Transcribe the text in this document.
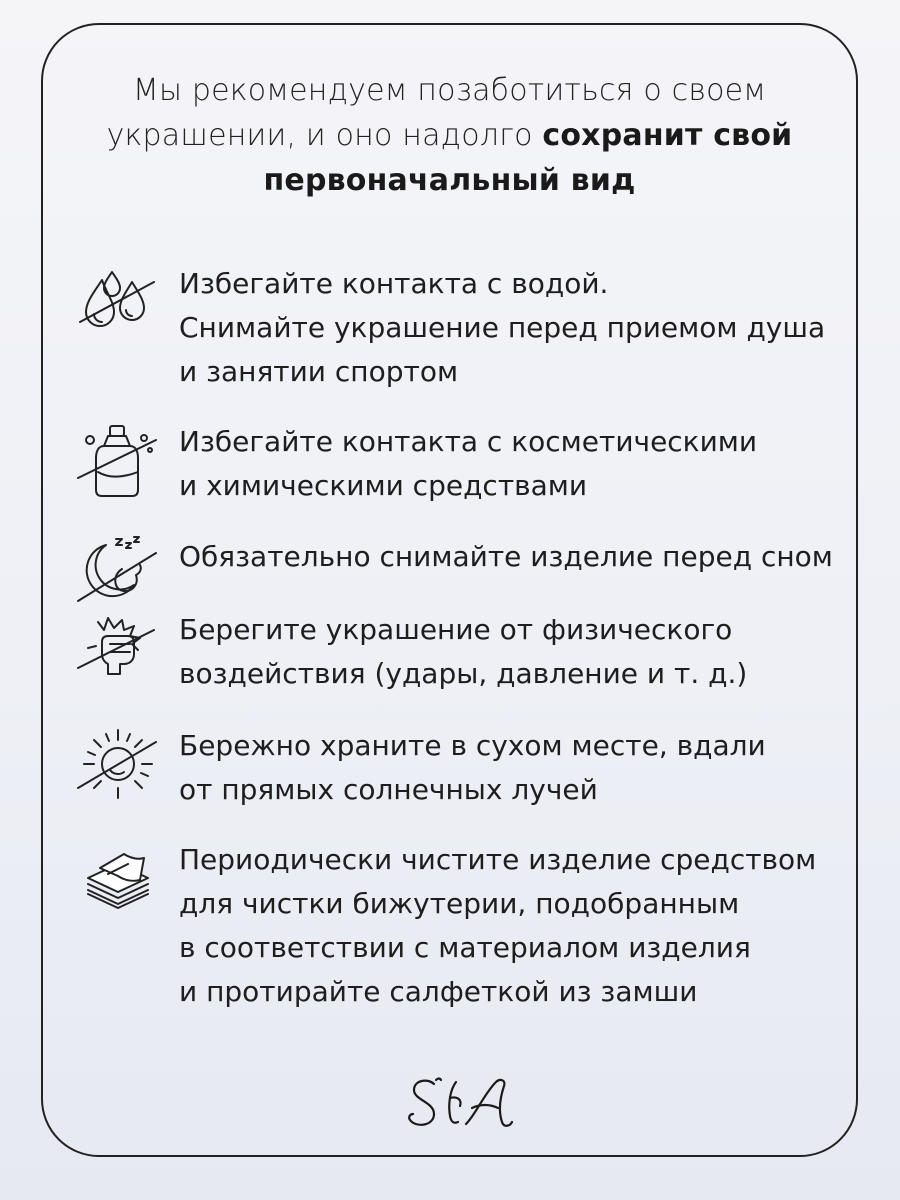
Мы рекомендуем позаботиться о своем
украшении, и оно надолго сохранит свой
первоначальный вид
Избегайте контакта с водой.
Снимайте украшение перед приемом душа
и занятии спортом
Избегайте контакта с косметическими
и химическими средствами
Обязательно снимайте изделие перед сном
Берегите украшение от физического
воздействия (удары, давление и т. д.)
Бережно храните в сухом месте, вдали
от прямых солнечных лучей
Периодически чистите изделие средством
для чистки бижутерии, подобранным
в соответствии с материалом изделия
и протирайте салфеткой из замши
